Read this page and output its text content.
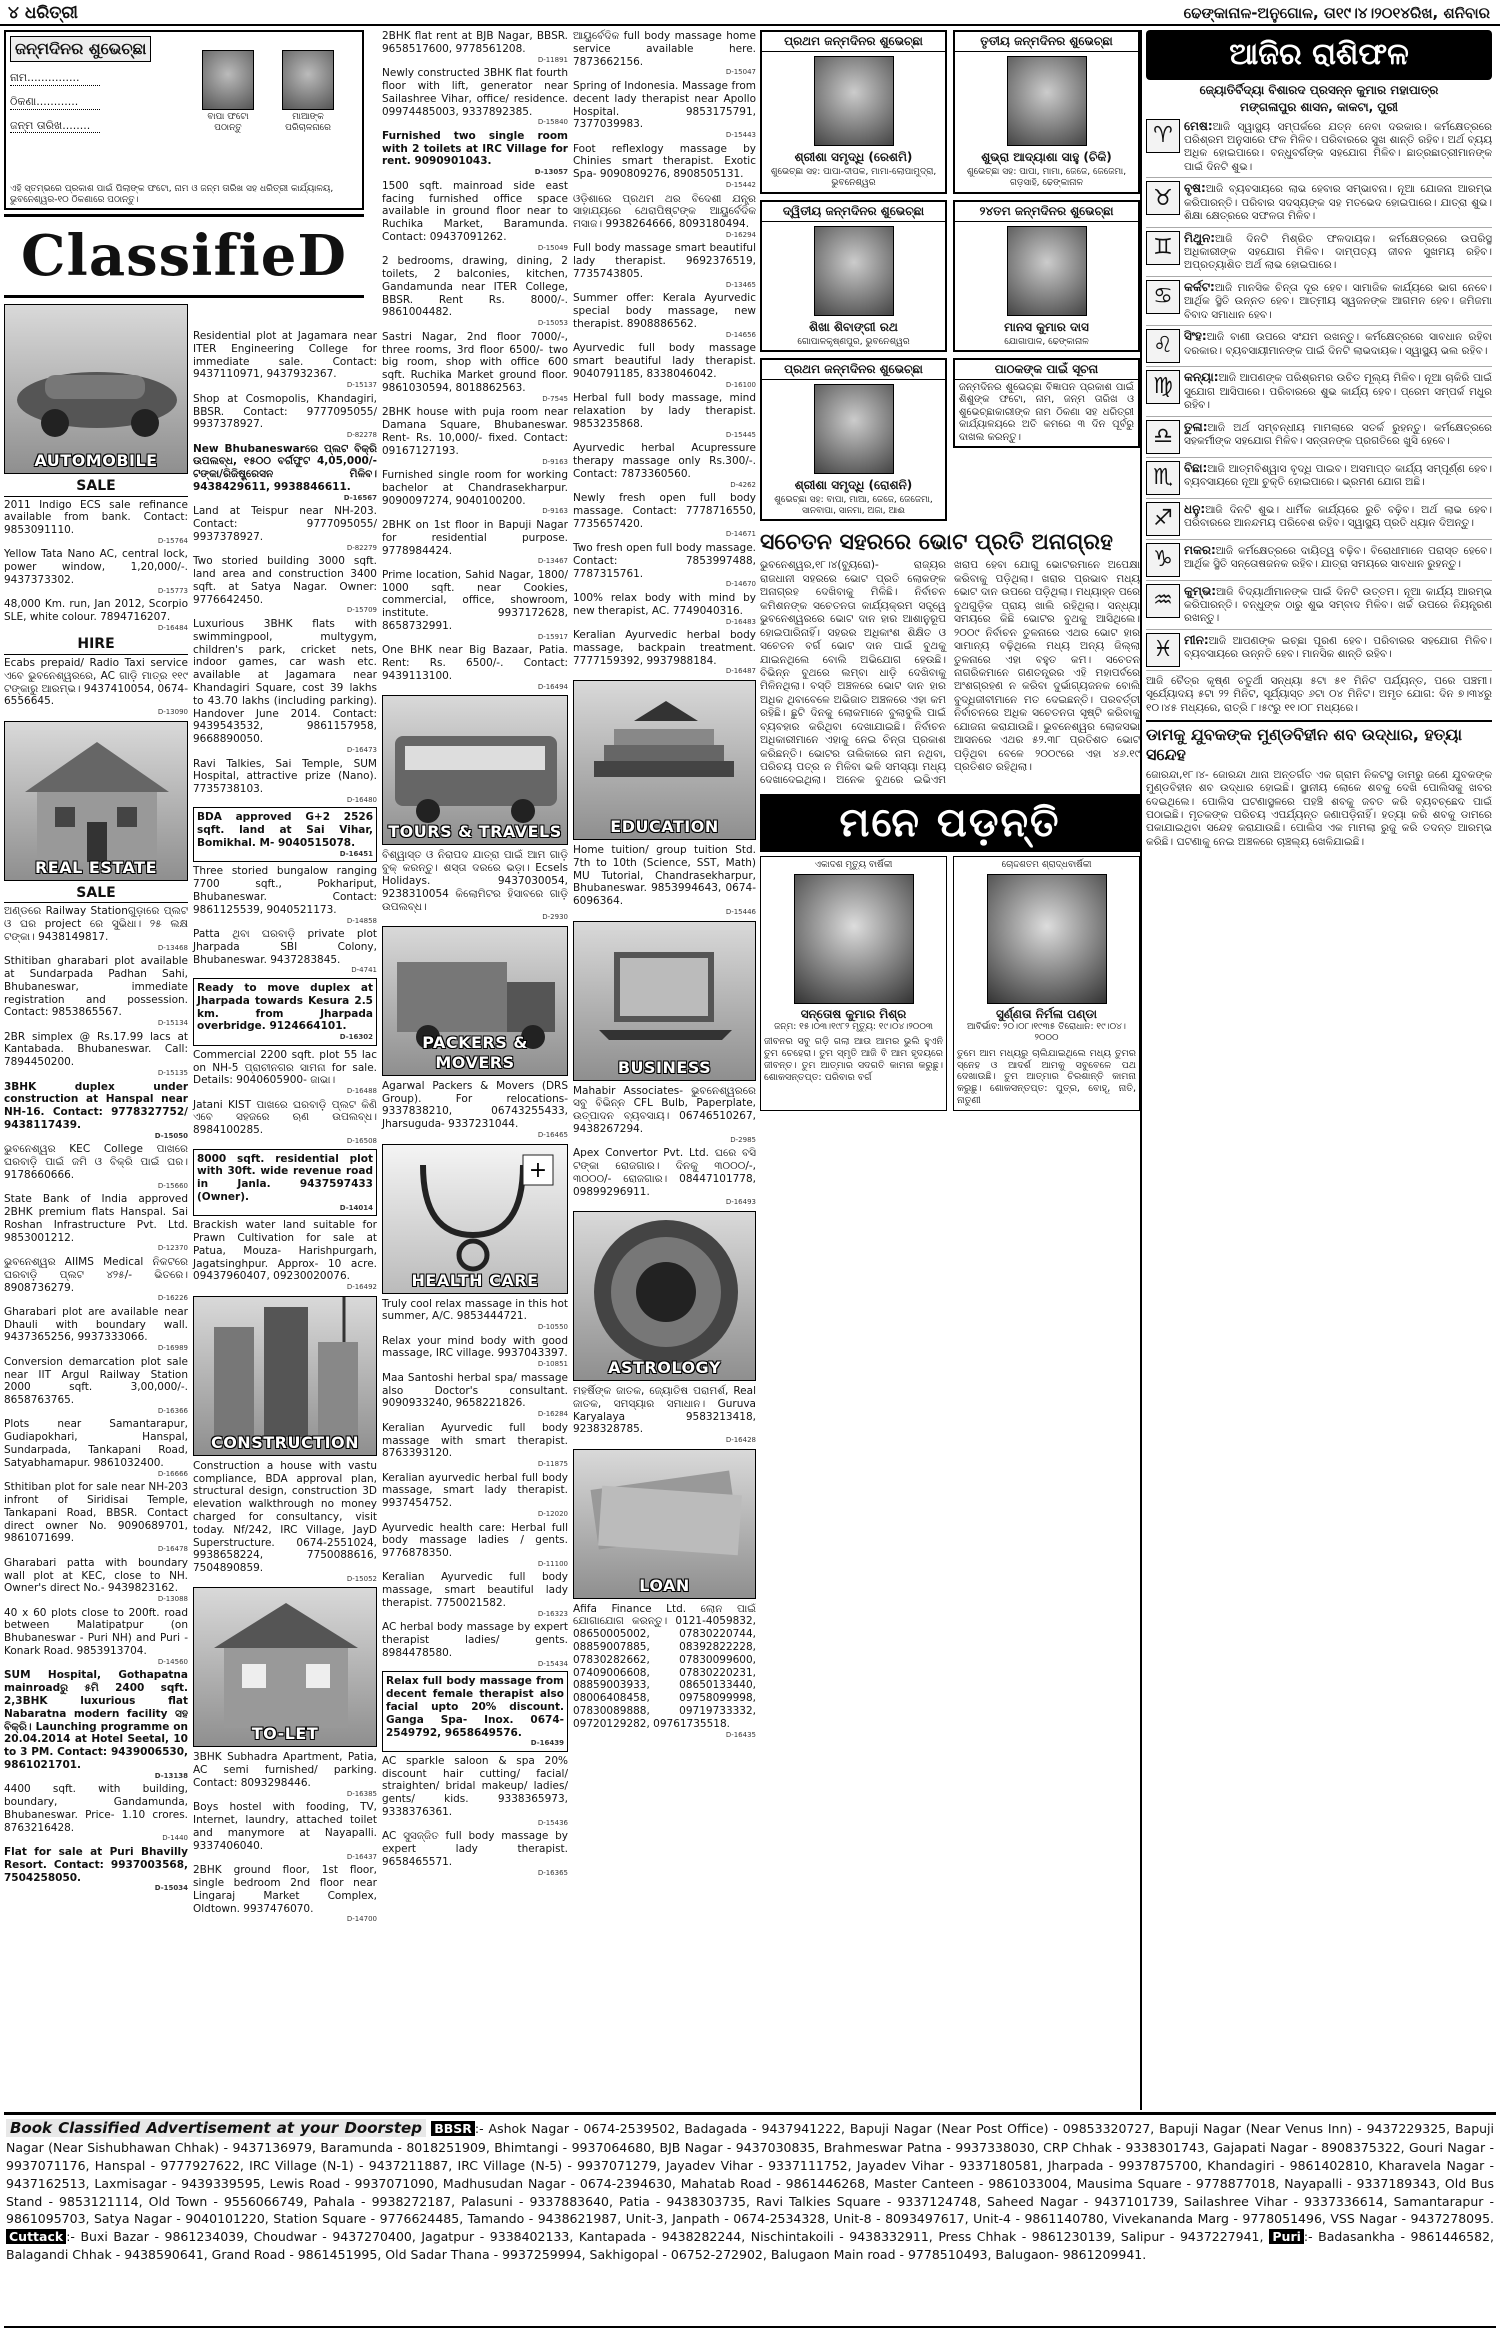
୪ ଧରିତ୍ରୀ	ଢେଙ୍କାନାଳ-ଅନୁଗୋଳ, ତା୧୯।୪।୨୦୧୪ରିଖ, ଶନିବାର
ଜନ୍ମଦିନର ଶୁଭେଚ୍ଛା
ନାମ...............
ଠିକଣା............
ଜନ୍ମ ତାରିଖ........
ବାପା ଫଟୋ ପଠାନ୍ତୁ
ମାଆଙ୍କ ପରିଚାଳନାରେ
ଏହି ସ୍ତମ୍ଭରେ ପ୍ରକାଶ ପାଇଁ ପିଲାଙ୍କ ଫଟୋ, ନାମ ଓ ଜନ୍ମ ତାରିଖ ସହ ଧରିତ୍ରୀ କାର୍ଯ୍ୟାଳୟ, ଭୁବନେଶ୍ୱର-୧୦ ଠିକଣାରେ ପଠାନ୍ତୁ।
ClassifieD
AUTOMOBILE
SALE
2011 Indigo ECS sale refinance available from bank. Contact: 9853091110.
D-15764
Yellow Tata Nano AC, central lock, power window, 1,20,000/-. 9437373302.
D-15773
48,000 Km. run, Jan 2012, Scorpio SLE, white colour. 7894716207.
D-16484
HIRE
Ecabs prepaid/ Radio Taxi service ଏବେ ଭୁବନେଶ୍ୱରରେ, AC ଗାଡ଼ି ମାତ୍ର ୧୧୯ ଟଙ୍କାରୁ ଆରମ୍ଭ। 9437410054, 0674-6556645.
D-13090
REAL ESTATE
SALE
ଅଣ୍ଡରେ Railway Stationଗୁଡ଼ାରେ ପ୍ଲଟ ଓ ଘର project ରେ ସୁଭିଧା। ୨୫ ଲକ୍ଷ ଟଙ୍କା। 9438149817.
D-13468
Sthitiban gharabari plot available at Sundarpada Padhan Sahi, Bhubaneswar, immediate registration and possession. Contact: 9853865567.
D-15134
2BR simplex @ Rs.17.99 lacs at Kantabada. Bhubaneswar. Call: 7894450200.
D-15135
3BHK duplex under construction at Hanspal near NH-16. Contact: 9778327752/ 9438117439.
D-15050
ଭୁବନେଶ୍ୱର KEC College ପାଖରେ ଘରବାଡ଼ି ପାଇଁ ଜମି ଓ ବିକ୍ରି ପାଇଁ ଘର। 9178660666.
D-15660
State Bank of India approved 2BHK premium flats Hanspal. Sai Roshan Infrastructure Pvt. Ltd. 9853001212.
D-12370
ଭୁବନେଶ୍ୱର AIIMS Medical ନିକଟରେ ଘରବାଡ଼ି ପ୍ଲଟ ୪୨୫/- ଭିତରେ। 8908736279.
D-16226
Gharabari plot are available near Dhauli with boundary wall. 9437365256, 9937333066.
D-16989
Conversion demarcation plot sale near IIT Argul Railway Station 2000 sqft. 3,00,000/-. 8658763765.
D-16366
Plots near Samantarapur, Gudiapokhari, Hanspal, Sundarpada, Tankapani Road, Satyabhamapur. 9861032400.
D-16666
Sthitiban plot for sale near NH-203 infront of Siridisai Temple, Tankapani Road, BBSR. Contact direct owner No. 9090689701, 9861071699.
D-16478
Gharabari patta with boundary wall plot at KEC, close to NH. Owner's direct No.- 9439823162.
D-13088
40 x 60 plots close to 200ft. road between Malatipatpur (on Bhubaneswar - Puri NH) and Puri - Konark Road. 9853913704.
D-14560
SUM Hospital, Gothapatna mainroadରୁ ୫ମି 2400 sqft. 2,3BHK luxurious flat Nabaratna modern facility ସହ ବିକ୍ରି। Launching programme on 20.04.2014 at Hotel Seetal, 10 to 3 PM. Contact: 9439006530, 9861021701.
D-13138
4400 sqft. with building, boundary, Gandamunda, Bhubaneswar. Price- 1.10 crores. 8763216428.
D-1440
Flat for sale at Puri Bhavilly Resort. Contact: 9937003568, 7504258050.
D-15034
Residential plot at Jagamara near ITER Engineering College for immediate sale. Contact: 9437110971, 9437932367.
D-15137
Shop at Cosmopolis, Khandagiri, BBSR. Contact: 9777095055/ 9937378927.
D-82278
New Bhubaneswarରେ ପ୍ଲଟ ବିକ୍ରି ଉପଲବ୍ଧ, ୧୫୦୦ ବର୍ଗଫୁଟ 4,05,000/- ଟଙ୍କା/ରିଜିଷ୍ଟ୍ରେସନ ମିଳିବ। 9438429611, 9938846611.
D-16567
Land at Teispur near NH-203. Contact: 9777095055/ 9937378927.
D-82279
Two storied building 3000 sqft. land area and construction 3400 sqft. at Satya Nagar. Owner: 9776642450.
D-15709
Luxurious 3BHK flats with swimmingpool, multygym, children's park, cricket nets, indoor games, car wash etc. available at Jagamara near Khandagiri Square, cost 39 lakhs to 43.70 lakhs (including parking). Handover June 2014. Contact: 9439543532, 9861157958, 9668890050.
D-16473
Ravi Talkies, Sai Temple, SUM Hospital, attractive prize (Nano). 7735738103.
D-16480
BDA approved G+2 2526 sqft. land at Sai Vihar, Bomikhal. M- 9040515078.
D-16451
Three storied bungalow ranging 7700 sqft., Pokhariput, Bhubaneswar. Contact: 9861125539, 9040521173.
D-14858
Patta ଥିବା ଘରବାଡ଼ି private plot Jharpada SBI Colony, Bhubaneswar. 9437283845.
D-4741
Ready to move duplex at Jharpada towards Kesura 2.5 km. from Jharpada overbridge. 9124664101.
D-16302
Commercial 2200 sqft. plot 55 lac on NH-5 ପ୍ରାଚୀନଗର ସାମନା for sale. Details: 9040605900- ଜାଭା।
D-16488
Jatani KIST ପାଖରେ ଘରବାଡ଼ି ପ୍ଲଟ କିଣି ଏବେ ସହଜରେ ଋଣ ଉପଲବ୍ଧ। 8984100285.
D-16508
8000 sqft. residential plot with 30ft. wide revenue road in Janla. 9437597433 (Owner).
D-14014
Brackish water land suitable for Prawn Cultivation for sale at Patua, Mouza- Harishpurgarh, Jagatsinghpur. Approx- 10 acre. 09437960407, 09230020076.
D-16492
CONSTRUCTION
Construction a house with vastu compliance, BDA approval plan, structural design, construction 3D elevation walkthrough no money charged for consultancy, visit today. Nf/242, IRC Village, JayD Superstructure. 0674-2551024, 9938658224, 7750088616, 7504890859.
D-15052
TO-LET
3BHK Subhadra Apartment, Patia, AC semi furnished/ parking. Contact: 8093298446.
D-16385
Boys hostel with fooding, TV, Internet, laundry, attached toilet and manymore at Nayapalli. 9337406040.
D-16437
2BHK ground floor, 1st floor, single bedroom 2nd floor near Lingaraj Market Complex, Oldtown. 9937476070.
D-14700
2BHK flat rent at BJB Nagar, BBSR. 9658517600, 9778561208.
D-11891
Newly constructed 3BHK flat fourth floor with lift, generator near Sailashree Vihar, office/ residence. 09974485003, 9337892385.
D-15840
Furnished two single room with 2 toilets at IRC Village for rent. 9090901043.
D-13057
1500 sqft. mainroad side east facing furnished office space available in ground floor near to Ruchika Market, Baramunda. Contact: 09437091262.
D-15049
2 bedrooms, drawing, dining, 2 toilets, 2 balconies, kitchen, Gandamunda near ITER College, BBSR. Rent Rs. 8000/-. 9861004482.
D-15053
Sastri Nagar, 2nd floor 7000/-, three rooms, 3rd floor 6500/- two big room, shop with office 600 sqft. Ruchika Market ground floor. 9861030594, 8018862563.
D-7545
2BHK house with puja room near Damana Square, Bhubaneswar. Rent- Rs. 10,000/- fixed. Contact: 09167127193.
D-9163
Furnished single room for working bachelor at Chandrasekharpur. 9090097274, 9040100200.
D-9163
2BHK on 1st floor in Bapuji Nagar for residential purpose. 9778984424.
D-13467
Prime location, Sahid Nagar, 1800/ 1000 sqft. near Cookies, commercial, office, showroom, institute. 9937172628, 8658732991.
D-15917
One BHK near Big Bazaar, Patia. Rent: Rs. 6500/-. Contact: 9439113100.
D-16494
TOURS & TRAVELS
ବିଶ୍ୱାସ୍ତ ଓ ନିରାପଦ ଯାତ୍ରା ପାଇଁ ଆମ ଗାଡ଼ି ବୁକ୍ କରନ୍ତୁ। ଶସ୍ତା ଦରରେ ଭଡ଼ା। Ecsels Holidays. 9437030054, 9238310054 କିଲୋମିଟର ହିସାବରେ ଗାଡ଼ି ଉପଲବ୍ଧ।
D-2930
PACKERS & MOVERS
Agarwal Packers & Movers (DRS Group). For relocations- 9337838210, 06743255433, Jharsuguda- 9337231044.
D-16465
+
HEALTH CARE
Truly cool relax massage in this hot summer, A/C. 9853444721.
D-10550
Relax your mind body with good massage, IRC village. 9937043397.
D-10851
Maa Santoshi herbal spa/ massage also Doctor's consultant. 9090933240, 9658221826.
D-16284
Keralian Ayurvedic full body massage with smart therapist. 8763393120.
D-11875
Keralian ayurvedic herbal full body massage, smart lady therapist. 9937454752.
D-12020
Ayurvedic health care: Herbal full body massage ladies / gents. 9776878350.
D-11100
Keralian Ayurvedic full body massage, smart beautiful lady therapist. 7750021582.
D-16323
AC herbal body massage by expert therapist ladies/ gents. 8984478580.
D-15434
Relax full body massage from decent female therapist also facial upto 20% discount. Ganga Spa- Inox. 0674-2549792, 9658649576.
D-16439
AC sparkle saloon & spa 20% discount hair cutting/ facial/ straighten/ bridal makeup/ ladies/ gents/ kids. 9338365973, 9338376361.
D-15436
AC ସୁସଜ୍ଜିତ full body massage by expert lady therapist. 9658465571.
D-16365
ଆୟୁର୍ବେଦିକ full body massage home service available here. 7873662156.
D-15047
Spring of Indonesia. Massage from decent lady therapist near Apollo Hospital. 9853175791, 7377039983.
D-15443
Foot reflexlogy massage by Chinies smart therapist. Exotic Spa- 9090809276, 8908505131.
D-15442
ଓଡ଼ିଶାରେ ପ୍ରଥମ ଥର ବିଦେଶୀ ଯନ୍ତ୍ର ସାହାଯ୍ୟରେ ଥେରାପିଷ୍ଟଙ୍କ ଆୟୁର୍ବେଦିକ ମସାଜ। 9938264666, 8093180494.
D-16294
Full body massage smart beautiful lady therapist. 9692376519, 7735743805.
D-13465
Summer offer: Kerala Ayurvedic special body massage, new therapist. 8908886562.
D-14656
Ayurvedic full body massage smart beautiful lady therapist. 9040791185, 8338046042.
D-16100
Herbal full body massage, mind relaxation by lady therapist. 9853235868.
D-15445
Ayurvedic herbal Acupressure therapy massage only Rs.300/-. Contact: 7873360560.
D-4262
Newly fresh open full body massage. Contact: 7778716550, 7735657420.
D-14671
Two fresh open full body massage. Contact: 7853997488, 7787315761.
D-14670
100% relax body with mind by new therapist, AC. 7749040316.
D-16483
Keralian Ayurvedic herbal body massage, backpain treatment. 7777159392, 9937988184.
D-16487
EDUCATION
Home tuition/ group tuition Std. 7th to 10th (Science, SST, Math) MU Tutorial, Chandrasekharpur, Bhubaneswar. 9853994643, 0674-6096364.
D-15446
BUSINESS
Mahabir Associates- ଭୁବନେଶ୍ୱରରେ ସବୁ ବିଭିନ୍ନ CFL Bulb, Paperplate, ଉତ୍ପାଦନ ବ୍ୟବସାୟ। 06746510267, 9438267294.
D-2985
Apex Convertor Pvt. Ltd. ଘରେ ବସି ଟଙ୍କା ରୋଜଗାର। ଦିନକୁ ୩୦୦୦/-, ୩୦୦୦/- ରୋଜଗାର। 08447101778, 09899296911.
D-16493
ASTROLOGY
ମହର୍ଷିଙ୍କ ଜାତକ, ଜ୍ୟୋତିଷ ପରାମର୍ଶ, Real ଜାତକ, ସମସ୍ୟାର ସମାଧାନ। Guruva Karyalaya 9583213418, 9238328785.
D-16428
LOAN
Afifa Finance Ltd. ଲୋନ ପାଇଁ ଯୋଗାଯୋଗ କରନ୍ତୁ। 0121-4059832, 08650005002, 07830220744, 08859007885, 08392822228, 07830282662, 07830099600, 07409006608, 07830220231, 08859003933, 08650133440, 08006408458, 09758099998, 07830089888, 09719733332, 09720129282, 09761735518.
D-16435
ପ୍ରଥମ ଜନ୍ମଦିନର ଶୁଭେଚ୍ଛା
ଶ୍ରୀଶା ସମୃଦ୍ଧି (ରେଶମି)
ଶୁଭେଚ୍ଛା ସହ: ପାପା-ଦୀପକ, ମାମା-ଲୋପାମୁଦ୍ରା, ଭୁବନେଶ୍ୱର
ଦ୍ୱିତୀୟ ଜନ୍ମଦିନର ଶୁଭେଚ୍ଛା
ଶିଖା ଶିବାଙ୍ଗୀ ରଥ
ଗୋପାଳକୃଷ୍ଣପୁର, ଭୁବନେଶ୍ୱର
ପ୍ରଥମ ଜନ୍ମଦିନର ଶୁଭେଚ୍ଛା
ଶ୍ରୀଶା ସମୃଦ୍ଧି (ରୋଶନି)
ଶୁଭେଚ୍ଛା ସହ: ବାପା, ମାଆ, ଜେଜେ, ଜେଜେମା, ସାନବାପା, ସାନମା, ଅଜା, ଆଈ
ତୃତୀୟ ଜନ୍ମଦିନର ଶୁଭେଚ୍ଛା
ଶୁଭ୍ରା ଆଦ୍ୟାଶା ସାହୁ (ଚିକି)
ଶୁଭେଚ୍ଛା ସହ: ପାପା, ମାମା, ଜେଜେ, ଜେଜେମା, ଗଡ଼ସାହି, ଢେଙ୍କାନାଳ
୨୪ତମ ଜନ୍ମଦିନର ଶୁଭେଚ୍ଛା
ମାନସ କୁମାର ଦାସ
ଯୋଗାପାଳ, ଢେଙ୍କାନାଳ
ପାଠକଙ୍କ ପାଇଁ ସୂଚନା
ଜନ୍ମଦିନର ଶୁଭେଚ୍ଛା ବିଜ୍ଞାପନ ପ୍ରକାଶ ପାଇଁ ଶିଶୁଙ୍କ ଫଟୋ, ନାମ, ଜନ୍ମ ତାରିଖ ଓ ଶୁଭେଚ୍ଛାକାରୀଙ୍କ ନାମ ଠିକଣା ସହ ଧରିତ୍ରୀ କାର୍ଯ୍ୟାଳୟରେ ଅତି କମରେ ୩ ଦିନ ପୂର୍ବରୁ ଦାଖଲ କରନ୍ତୁ।
ସଚେତନ ସହରରେ ଭୋଟ ପ୍ରତି ଅନାଗ୍ରହ
ଭୁବନେଶ୍ୱର,୧୮।୪(ବ୍ୟୁରୋ)- ରାଜ୍ୟର ରାଜଧାନୀ ସହରରେ ଭୋଟ ପ୍ରତି ଲୋକଙ୍କ ଅନାଗ୍ରହ ଦେଖିବାକୁ ମିଳିଛି। ନିର୍ବାଚନ କମିଶନଙ୍କ ସଚେତନତା କାର୍ଯ୍ୟକ୍ରମ ସତ୍ତ୍ୱେ ଭୁବନେଶ୍ୱରରେ ଭୋଟ ଦାନ ହାର ଆଶାନୁରୂପ ହୋଇପାରିନାହିଁ। ସହରର ଅଧିକାଂଶ ଶିକ୍ଷିତ ଓ ସଚେତନ ବର୍ଗ ଭୋଟ ଦାନ ପାଇଁ ବୁଥକୁ ଯାଇନଥିଲେ ବୋଲି ଅଭିଯୋଗ ହେଉଛି। ବିଭିନ୍ନ ବୁଥରେ ଲମ୍ବା ଧାଡ଼ି ଦେଖିବାକୁ ମିଳିନଥିଲା। ବସ୍ତି ଅଞ୍ଚଳରେ ଭୋଟ ଦାନ ହାର ଅଧିକ ଥିବାବେଳେ ଅଭିଜାତ ଅଞ୍ଚଳରେ ଏହା କମ ରହିଛି। ଛୁଟି ଦିନକୁ ଲୋକମାନେ ବୁଲାବୁଲି ପାଇଁ ବ୍ୟବହାର କରିଥିବା ଦେଖାଯାଇଛି। ନିର୍ବାଚନ ଅଧିକାରୀମାନେ ଏହାକୁ ନେଇ ଚିନ୍ତା ପ୍ରକାଶ କରିଛନ୍ତି। ଭୋଟର ତାଲିକାରେ ନାମ ନଥିବା, ପରିଚୟ ପତ୍ର ନ ମିଳିବା ଭଳି ସମସ୍ୟା ମଧ୍ୟ ଦେଖାଦେଇଥିଲା। ଅନେକ ବୁଥରେ ଇଭିଏମ ଖରାପ ହେବା ଯୋଗୁ ଭୋଟରମାନେ ଅପେକ୍ଷା କରିବାକୁ ପଡ଼ିଥିଲା। ଖରାର ପ୍ରଭାବ ମଧ୍ୟ ଭୋଟ ଦାନ ଉପରେ ପଡ଼ିଥିଲା। ମଧ୍ୟାହ୍ନ ପରେ ବୁଥଗୁଡ଼ିକ ପ୍ରାୟ ଖାଲି ରହିଥିଲା। ସନ୍ଧ୍ୟା ସମୟରେ କିଛି ଭୋଟର ବୁଥକୁ ଆସିଥିଲେ। ୨୦୦୯ ନିର୍ବାଚନ ତୁଳନାରେ ଏଥର ଭୋଟ ହାର ସାମାନ୍ୟ ବଢ଼ିଥିଲେ ମଧ୍ୟ ଅନ୍ୟ ଜିଲ୍ଲା ତୁଳନାରେ ଏହା ବହୁତ କମ। ସଚେତନ ନାଗରିକମାନେ ଗଣତନ୍ତ୍ରର ଏହି ମହାପର୍ବରେ ଅଂଶଗ୍ରହଣ ନ କରିବା ଦୁର୍ଭାଗ୍ୟଜନକ ବୋଲି ବୁଦ୍ଧିଜୀବୀମାନେ ମତ ଦେଇଛନ୍ତି। ପରବର୍ତ୍ତୀ ନିର୍ବାଚନରେ ଅଧିକ ସଚେତନତା ସୃଷ୍ଟି କରିବାକୁ ଯୋଜନା କରାଯାଉଛି। ଭୁବନେଶ୍ୱର ଲୋକସଭା ଆସନରେ ଏଥର ୫୨.୩୮ ପ୍ରତିଶତ ଭୋଟ ପଡ଼ିଥିବା ବେଳେ ୨୦୦୯ରେ ଏହା ୪୬.୧୯ ପ୍ରତିଶତ ରହିଥିଲା।
ମନେ ପଡ଼ନ୍ତି
ଏକାଦଶ ମୃତ୍ୟୁ ବାର୍ଷିକୀ
ସନ୍ତୋଷ କୁମାର ମିଶ୍ର
ଜନ୍ମ: ୧୫।୦୩।୧୯୮୨ ମୃତ୍ୟୁ: ୧୯।୦୪।୨୦୦୩
ଜୀବନର ସବୁ ଗଡ଼ି ଗଲା ଆଉ ଆମର ଭୁଲି ହୁଏନି ତୁମ ଚେହେରା। ତୁମ ସ୍ମୃତି ଆଜି ବି ଆମ ହୃଦୟରେ ଜୀବନ୍ତ। ତୁମ ଆତ୍ମାର ସଦଗତି କାମନା କରୁଛୁ। ଶୋକସନ୍ତପ୍ତ: ପରିବାର ବର୍ଗ
ଚୋଦ୍ଦଶତମ ଶ୍ରାଦ୍ଧବାର୍ଷିକୀ
ସୁର୍ଣ୍ଣତା ନିର୍ମଳା ପଣ୍ଡା
ଆବିର୍ଭାବ: ୨୦।୦୮।୧୯୩୫ ତିରୋଧାନ: ୧୯।୦୪।୨୦୦୦
ତୁମେ ଆମ ମଧ୍ୟରୁ ଚାଲିଯାଇଥିଲେ ମଧ୍ୟ ତୁମର ସ୍ନେହ ଓ ଆଦର୍ଶ ଆମକୁ ସବୁବେଳେ ପଥ ଦେଖାଉଛି। ତୁମ ଆତ୍ମାର ଚିରଶାନ୍ତି କାମନା କରୁଛୁ। ଶୋକସନ୍ତପ୍ତ: ପୁତ୍ର, ବୋହୂ, ନାତି, ନାତୁଣୀ
ଆଜିର ରାଶିଫଳ
ଜ୍ୟୋତିର୍ବିଦ୍ୟା ବିଶାରଦ ପ୍ରସନ୍ନ କୁମାର ମହାପାତ୍ର
ମଙ୍ଗଳାପୁର ଶାସନ, କାକଟା, ପୁରୀ
♈ ମେଷ:ଆଜି ସ୍ୱାସ୍ଥ୍ୟ ସମ୍ପର୍କରେ ଯତ୍ନ ନେବା ଦରକାର। କର୍ମକ୍ଷେତ୍ରରେ ପରିଶ୍ରମ ଅନୁସାରେ ଫଳ ମିଳିବ। ପରିବାରରେ ସୁଖ ଶାନ୍ତି ରହିବ। ଅର୍ଥ ବ୍ୟୟ ଅଧିକ ହୋଇପାରେ। ବନ୍ଧୁବର୍ଗଙ୍କ ସହଯୋଗ ମିଳିବ। ଛାତ୍ରଛାତ୍ରୀମାନଙ୍କ ପାଇଁ ଦିନଟି ଶୁଭ।
♉ ବୃଷ:ଆଜି ବ୍ୟବସାୟରେ ଲାଭ ହେବାର ସମ୍ଭାବନା। ନୂଆ ଯୋଜନା ଆରମ୍ଭ କରିପାରନ୍ତି। ପରିବାର ସଦସ୍ୟଙ୍କ ସହ ମତଭେଦ ହୋଇପାରେ। ଯାତ୍ରା ଶୁଭ। ଶିକ୍ଷା କ୍ଷେତ୍ରରେ ସଫଳତା ମିଳିବ।
♊ ମିଥୁନ:ଆଜି ଦିନଟି ମିଶ୍ରିତ ଫଳଦାୟକ। କର୍ମକ୍ଷେତ୍ରରେ ଉପରିସ୍ଥ ଅଧିକାରୀଙ୍କ ସହଯୋଗ ମିଳିବ। ଦାମ୍ପତ୍ୟ ଜୀବନ ସୁଖମୟ ରହିବ। ଅପ୍ରତ୍ୟାଶିତ ଅର୍ଥ ଲାଭ ହୋଇପାରେ।
♋ କର୍କଟ:ଆଜି ମାନସିକ ଚିନ୍ତା ଦୂର ହେବ। ସାମାଜିକ କାର୍ଯ୍ୟରେ ଭାଗ ନେବେ। ଆର୍ଥିକ ସ୍ଥିତି ଉନ୍ନତ ହେବ। ଆତ୍ମୀୟ ସ୍ୱଜନଙ୍କ ଆଗମନ ହେବ। ଜମିଜମା ବିବାଦ ସମାଧାନ ହେବ।
♌ ସିଂହ:ଆଜି ବାଣୀ ଉପରେ ସଂଯମ ରଖନ୍ତୁ। କର୍ମକ୍ଷେତ୍ରରେ ସାବଧାନ ରହିବା ଦରକାର। ବ୍ୟବସାୟୀମାନଙ୍କ ପାଇଁ ଦିନଟି ଲାଭଦାୟକ। ସ୍ୱାସ୍ଥ୍ୟ ଭଲ ରହିବ।
♍ କନ୍ୟା:ଆଜି ଆପଣଙ୍କ ପରିଶ୍ରମର ଉଚିତ ମୂଲ୍ୟ ମିଳିବ। ନୂଆ ଚାକିରି ପାଇଁ ସୁଯୋଗ ଆସିପାରେ। ପରିବାରରେ ଶୁଭ କାର୍ଯ୍ୟ ହେବ। ପ୍ରେମ ସମ୍ପର୍କ ମଧୁର ରହିବ।
♎ ତୁଳା:ଆଜି ଅର୍ଥ ସମ୍ବନ୍ଧୀୟ ମାମଲାରେ ସତର୍କ ରୁହନ୍ତୁ। କର୍ମକ୍ଷେତ୍ରରେ ସହକର୍ମୀଙ୍କ ସହଯୋଗ ମିଳିବ। ସନ୍ତାନଙ୍କ ପ୍ରଗତିରେ ଖୁସି ହେବେ।
♏ ବିଛା:ଆଜି ଆତ୍ମବିଶ୍ୱାସ ବୃଦ୍ଧି ପାଇବ। ଅସମାପ୍ତ କାର୍ଯ୍ୟ ସମ୍ପୂର୍ଣ୍ଣ ହେବ। ବ୍ୟବସାୟରେ ନୂଆ ଚୁକ୍ତି ହୋଇପାରେ। ଭ୍ରମଣ ଯୋଗ ଅଛି।
♐ ଧନୁ:ଆଜି ଦିନଟି ଶୁଭ। ଧାର୍ମିକ କାର୍ଯ୍ୟରେ ରୁଚି ବଢ଼ିବ। ଅର୍ଥ ଲାଭ ହେବ। ପରିବାରରେ ଆନନ୍ଦମୟ ପରିବେଶ ରହିବ। ସ୍ୱାସ୍ଥ୍ୟ ପ୍ରତି ଧ୍ୟାନ ଦିଅନ୍ତୁ।
♑ ମକର:ଆଜି କର୍ମକ୍ଷେତ୍ରରେ ଦାୟିତ୍ୱ ବଢ଼ିବ। ବିରୋଧୀମାନେ ପରାସ୍ତ ହେବେ। ଆର୍ଥିକ ସ୍ଥିତି ସନ୍ତୋଷଜନକ ରହିବ। ଯାତ୍ରା ସମୟରେ ସାବଧାନ ରୁହନ୍ତୁ।
♒ କୁମ୍ଭ:ଆଜି ବିଦ୍ୟାର୍ଥୀମାନଙ୍କ ପାଇଁ ଦିନଟି ଉତ୍ତମ। ନୂଆ କାର୍ଯ୍ୟ ଆରମ୍ଭ କରିପାରନ୍ତି। ବନ୍ଧୁଙ୍କ ଠାରୁ ଶୁଭ ସମ୍ବାଦ ମିଳିବ। ଖର୍ଚ୍ଚ ଉପରେ ନିୟନ୍ତ୍ରଣ ରଖନ୍ତୁ।
♓ ମୀନ:ଆଜି ଆପଣଙ୍କ ଇଚ୍ଛା ପୂରଣ ହେବ। ପରିବାରର ସହଯୋଗ ମିଳିବ। ବ୍ୟବସାୟରେ ଉନ୍ନତି ହେବ। ମାନସିକ ଶାନ୍ତି ରହିବ।
ଆଜି ଚୈତ୍ର କୃଷ୍ଣ ଚତୁର୍ଥୀ ସନ୍ଧ୍ୟା ୫ଟା ୫୧ ମିନିଟ ପର୍ଯ୍ୟନ୍ତ, ପରେ ପଞ୍ଚମୀ। ସୂର୍ଯ୍ୟୋଦୟ ୫ଟା ୨୨ ମିନିଟ, ସୂର୍ଯ୍ୟାସ୍ତ ୬ଟା ୦୪ ମିନିଟ। ଅମୃତ ଯୋଗ: ଦିନ ୭।୩୪ରୁ ୧୦।୪୫ ମଧ୍ୟରେ, ରାତ୍ରି ୮।୫୯ରୁ ୧୧।୦୮ ମଧ୍ୟରେ।
ଡାମକୁ ଯୁବକଙ୍କ ମୁଣ୍ଡବିହୀନ ଶବ ଉଦ୍ଧାର, ହତ୍ୟା ସନ୍ଦେହ
ଜୋରନ୍ଦା,୧୮।୪- ଜୋରନ୍ଦା ଥାନା ଅନ୍ତର୍ଗତ ଏକ ଗ୍ରାମ ନିକଟସ୍ଥ ଡାମରୁ ଜଣେ ଯୁବକଙ୍କ ମୁଣ୍ଡବିହୀନ ଶବ ଉଦ୍ଧାର ହୋଇଛି। ସ୍ଥାନୀୟ ଲୋକେ ଶବକୁ ଦେଖି ପୋଲିସକୁ ଖବର ଦେଇଥିଲେ। ପୋଲିସ ଘଟଣାସ୍ଥଳରେ ପହଞ୍ଚି ଶବକୁ ଜବତ କରି ବ୍ୟବଚ୍ଛେଦ ପାଇଁ ପଠାଇଛି। ମୃତକଙ୍କ ପରିଚୟ ଏପର୍ଯ୍ୟନ୍ତ ଜଣାପଡ଼ିନାହିଁ। ହତ୍ୟା କରି ଶବକୁ ଡାମରେ ପକାଯାଇଥିବା ସନ୍ଦେହ କରାଯାଉଛି। ପୋଲିସ ଏକ ମାମଲା ରୁଜୁ କରି ତଦନ୍ତ ଆରମ୍ଭ କରିଛି। ଘଟଣାକୁ ନେଇ ଅଞ୍ଚଳରେ ଚାଞ୍ଚଲ୍ୟ ଖେଳିଯାଇଛି।
Book Classified Advertisement at your Doorstep BBSR :- Ashok Nagar - 0674-2539502, Badagada - 9437941222, Bapuji Nagar (Near Post Office) - 09853320727, Bapuji Nagar (Near Venus Inn) - 9437229325, Bapuji Nagar (Near Sishubhawan Chhak) - 9437136979, Baramunda - 8018251909, Bhimtangi - 9937064680, BJB Nagar - 9437030835, Brahmeswar Patna - 9937338030, CRP Chhak - 9338301743, Gajapati Nagar - 8908375322, Gouri Nagar - 9937071176, Hanspal - 9777927622, IRC Village (N-1) - 9437211887, IRC Village (N-5) - 9937071279, Jayadev Vihar - 9337111752, Jayadev Vihar - 9337180581, Jharpada - 9937875700, Khandagiri - 9861402810, Kharavela Nagar - 9437162513, Laxmisagar - 9439339595, Lewis Road - 9937071090, Madhusudan Nagar - 0674-2394630, Mahatab Road - 9861446268, Master Canteen - 9861033004, Mausima Square - 9778877018, Nayapalli - 9337189343, Old Bus Stand - 9853121114, Old Town - 9556066749, Pahala - 9938272187, Palasuni - 9337883640, Patia - 9438303735, Ravi Talkies Square - 9337124748, Saheed Nagar - 9437101739, Sailashree Vihar - 9337336614, Samantarapur - 9861095703, Satya Nagar - 9040101220, Station Square - 9776624485, Tamando - 9438621987, Unit-3, Janpath - 0674-2534328, Unit-8 - 8093497617, Unit-4 - 9861140780, Vivekananda Marg - 9778051496, VSS Nagar - 9437278095. Cuttack :- Buxi Bazar - 9861234039, Choudwar - 9437270400, Jagatpur - 9338402133, Kantapada - 9438282244, Nischintakoili - 9438332911, Press Chhak - 9861230139, Salipur - 9437227941, Puri :- Badasankha - 9861446582, Balagandi Chhak - 9438590641, Grand Road - 9861451995, Old Sadar Thana - 9937259994, Sakhigopal - 06752-272902, Balugaon Main road - 9778510493, Balugaon- 9861209941.
